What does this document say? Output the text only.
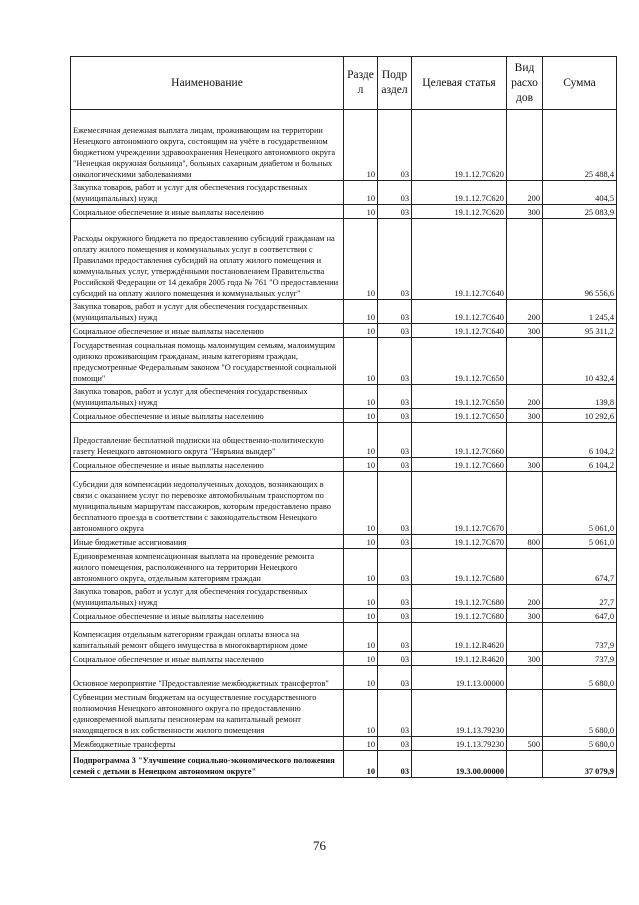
Наименование	Разде л	Подр аздел	Целевая статья	Вид расхо дов	Сумма
Ежемесячная денежная выплата лицам, проживающим на территории Ненецкого автономного округа, состоящим на учёте в государственном бюджетном учреждении здравоохранения Ненецкого автономного округа "Ненецкая окружная больница", больных сахарным диабетом и больных онкологическими заболеваниями	10	03	19.1.12.7С620		25 488,4
Закупка товаров, работ и услуг для обеспечения государственных (муниципальных) нужд	10	03	19.1.12.7С620	200	404,5
Социальное обеспечение и иные выплаты населению	10	03	19.1.12.7С620	300	25 083,9
Расходы окружного бюджета по предоставлению субсидий гражданам на оплату жилого помещения и коммунальных услуг в соответствии с Правилами предоставления субсидий на оплату жилого помещения и коммунальных услуг, утверждёнными постановлением Правительства Российской Федерации от 14 декабря 2005 года № 761 "О предоставлении субсидий на оплату жилого помещения и коммунальных услуг"	10	03	19.1.12.7С640		96 556,6
Закупка товаров, работ и услуг для обеспечения государственных (муниципальных) нужд	10	03	19.1.12.7С640	200	1 245,4
Социальное обеспечение и иные выплаты населению	10	03	19.1.12.7С640	300	95 311,2
Государственная социальная помощь малоимущим семьям, малоимущим одиноко проживающим гражданам, иным категориям граждан, предусмотренные Федеральным законом "О государственной социальной помощи"	10	03	19.1.12.7С650		10 432,4
Закупка товаров, работ и услуг для обеспечения государственных (муниципальных) нужд	10	03	19.1.12.7С650	200	139,8
Социальное обеспечение и иные выплаты населению	10	03	19.1.12.7С650	300	10 292,6
Предоставление бесплатной подписки на общественно-политическую газету Ненецкого автономного округа "Няръяна вындер"	10	03	19.1.12.7С660		6 104,2
Социальное обеспечение и иные выплаты населению	10	03	19.1.12.7С660	300	6 104,2
Субсидии для компенсации недополученных доходов, возникающих в связи с оказанием услуг по перевозке автомобильным транспортом по муниципальным маршрутам пассажиров, которым предоставлено право бесплатного проезда в соответствии с законодательством Ненецкого автономного округа	10	03	19.1.12.7С670		5 061,0
Иные бюджетные ассигнования	10	03	19.1.12.7С670	800	5 061,0
Единовременная компенсационная выплата на проведение ремонта жилого помещения, расположенного на территории Ненецкого автономного округа, отдельным категориям граждан	10	03	19.1.12.7С680		674,7
Закупка товаров, работ и услуг для обеспечения государственных (муниципальных) нужд	10	03	19.1.12.7С680	200	27,7
Социальное обеспечение и иные выплаты населению	10	03	19.1.12.7С680	300	647,0
Компенсация отдельным категориям граждан оплаты взноса на капитальный ремонт общего имущества в многоквартирном доме	10	03	19.1.12.R4620		737,9
Социальное обеспечение и иные выплаты населению	10	03	19.1.12.R4620	300	737,9
Основное мероприятие "Предоставление межбюджетных трансфертов"	10	03	19.1.13.00000		5 680,0
Субвенции местным бюджетам на осуществление государственного полномочия Ненецкого автономного округа по предоставлению единовременной выплаты пенсионерам на капитальный ремонт находящегося в их собственности жилого помещения	10	03	19.1.13.79230		5 680,0
Межбюджетные трансферты	10	03	19.1.13.79230	500	5 680,0
Подпрограмма 3 "Улучшение социально-экономического положения семей с детьми в Ненецком автономном округе"	10	03	19.3.00.00000		37 079,9
76
